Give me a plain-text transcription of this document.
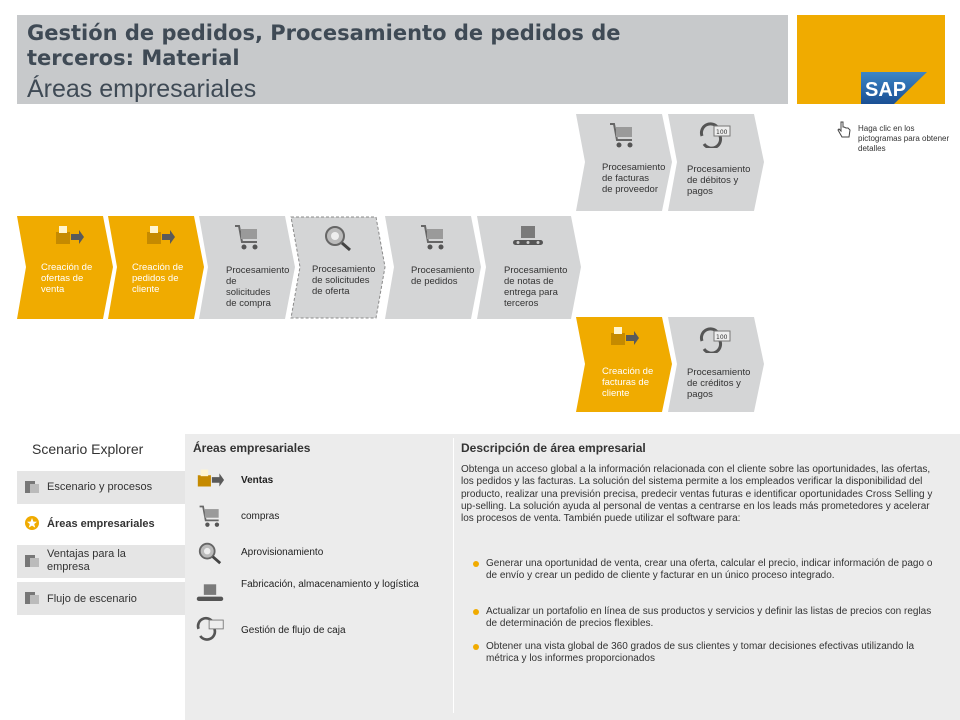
Gestión de pedidos, Procesamiento de pedidos de terceros: Material
Áreas empresariales	SAP
Haga clic en los pictogramas para obtener detalles
Creación de ofertas de venta
Creación de pedidos de cliente
Procesamiento de solicitudes de compra
Procesamiento de solicitudes de oferta
Procesamiento de pedidos
Procesamiento de notas de entrega para terceros
Procesamiento de facturas de proveedor
100
Procesamiento de débitos y pagos
Creación de facturas de cliente
100
Procesamiento de créditos y pagos
Scenario Explorer
Escenario y procesos
Áreas empresariales
Ventajas para la empresa
Flujo de escenario
Áreas empresariales	Descripción de área empresarial
Ventas
compras
Aprovisionamiento
Fabricación, almacenamiento y logística
Gestión de flujo de caja
Obtenga un acceso global a la información relacionada con el cliente sobre las oportunidades, las ofertas, los pedidos y las facturas. La solución del sistema permite a los empleados verificar la disponibilidad del producto, realizar una previsión precisa, predecir ventas futuras e identificar oportunidades Cross Selling y up-selling. La solución ayuda al personal de ventas a centrarse en los leads más prometedores y acelerar los procesos de venta. También puede utilizar el software para:
Generar una oportunidad de venta, crear una oferta, calcular el precio, indicar información de pago o de envío y crear un pedido de cliente y facturar en un único proceso integrado.
Actualizar un portafolio en línea de sus productos y servicios y definir las listas de precios con reglas de determinación de precios flexibles.
Obtener una vista global de 360 grados de sus clientes y tomar decisiones efectivas utilizando la métrica y los informes proporcionados
